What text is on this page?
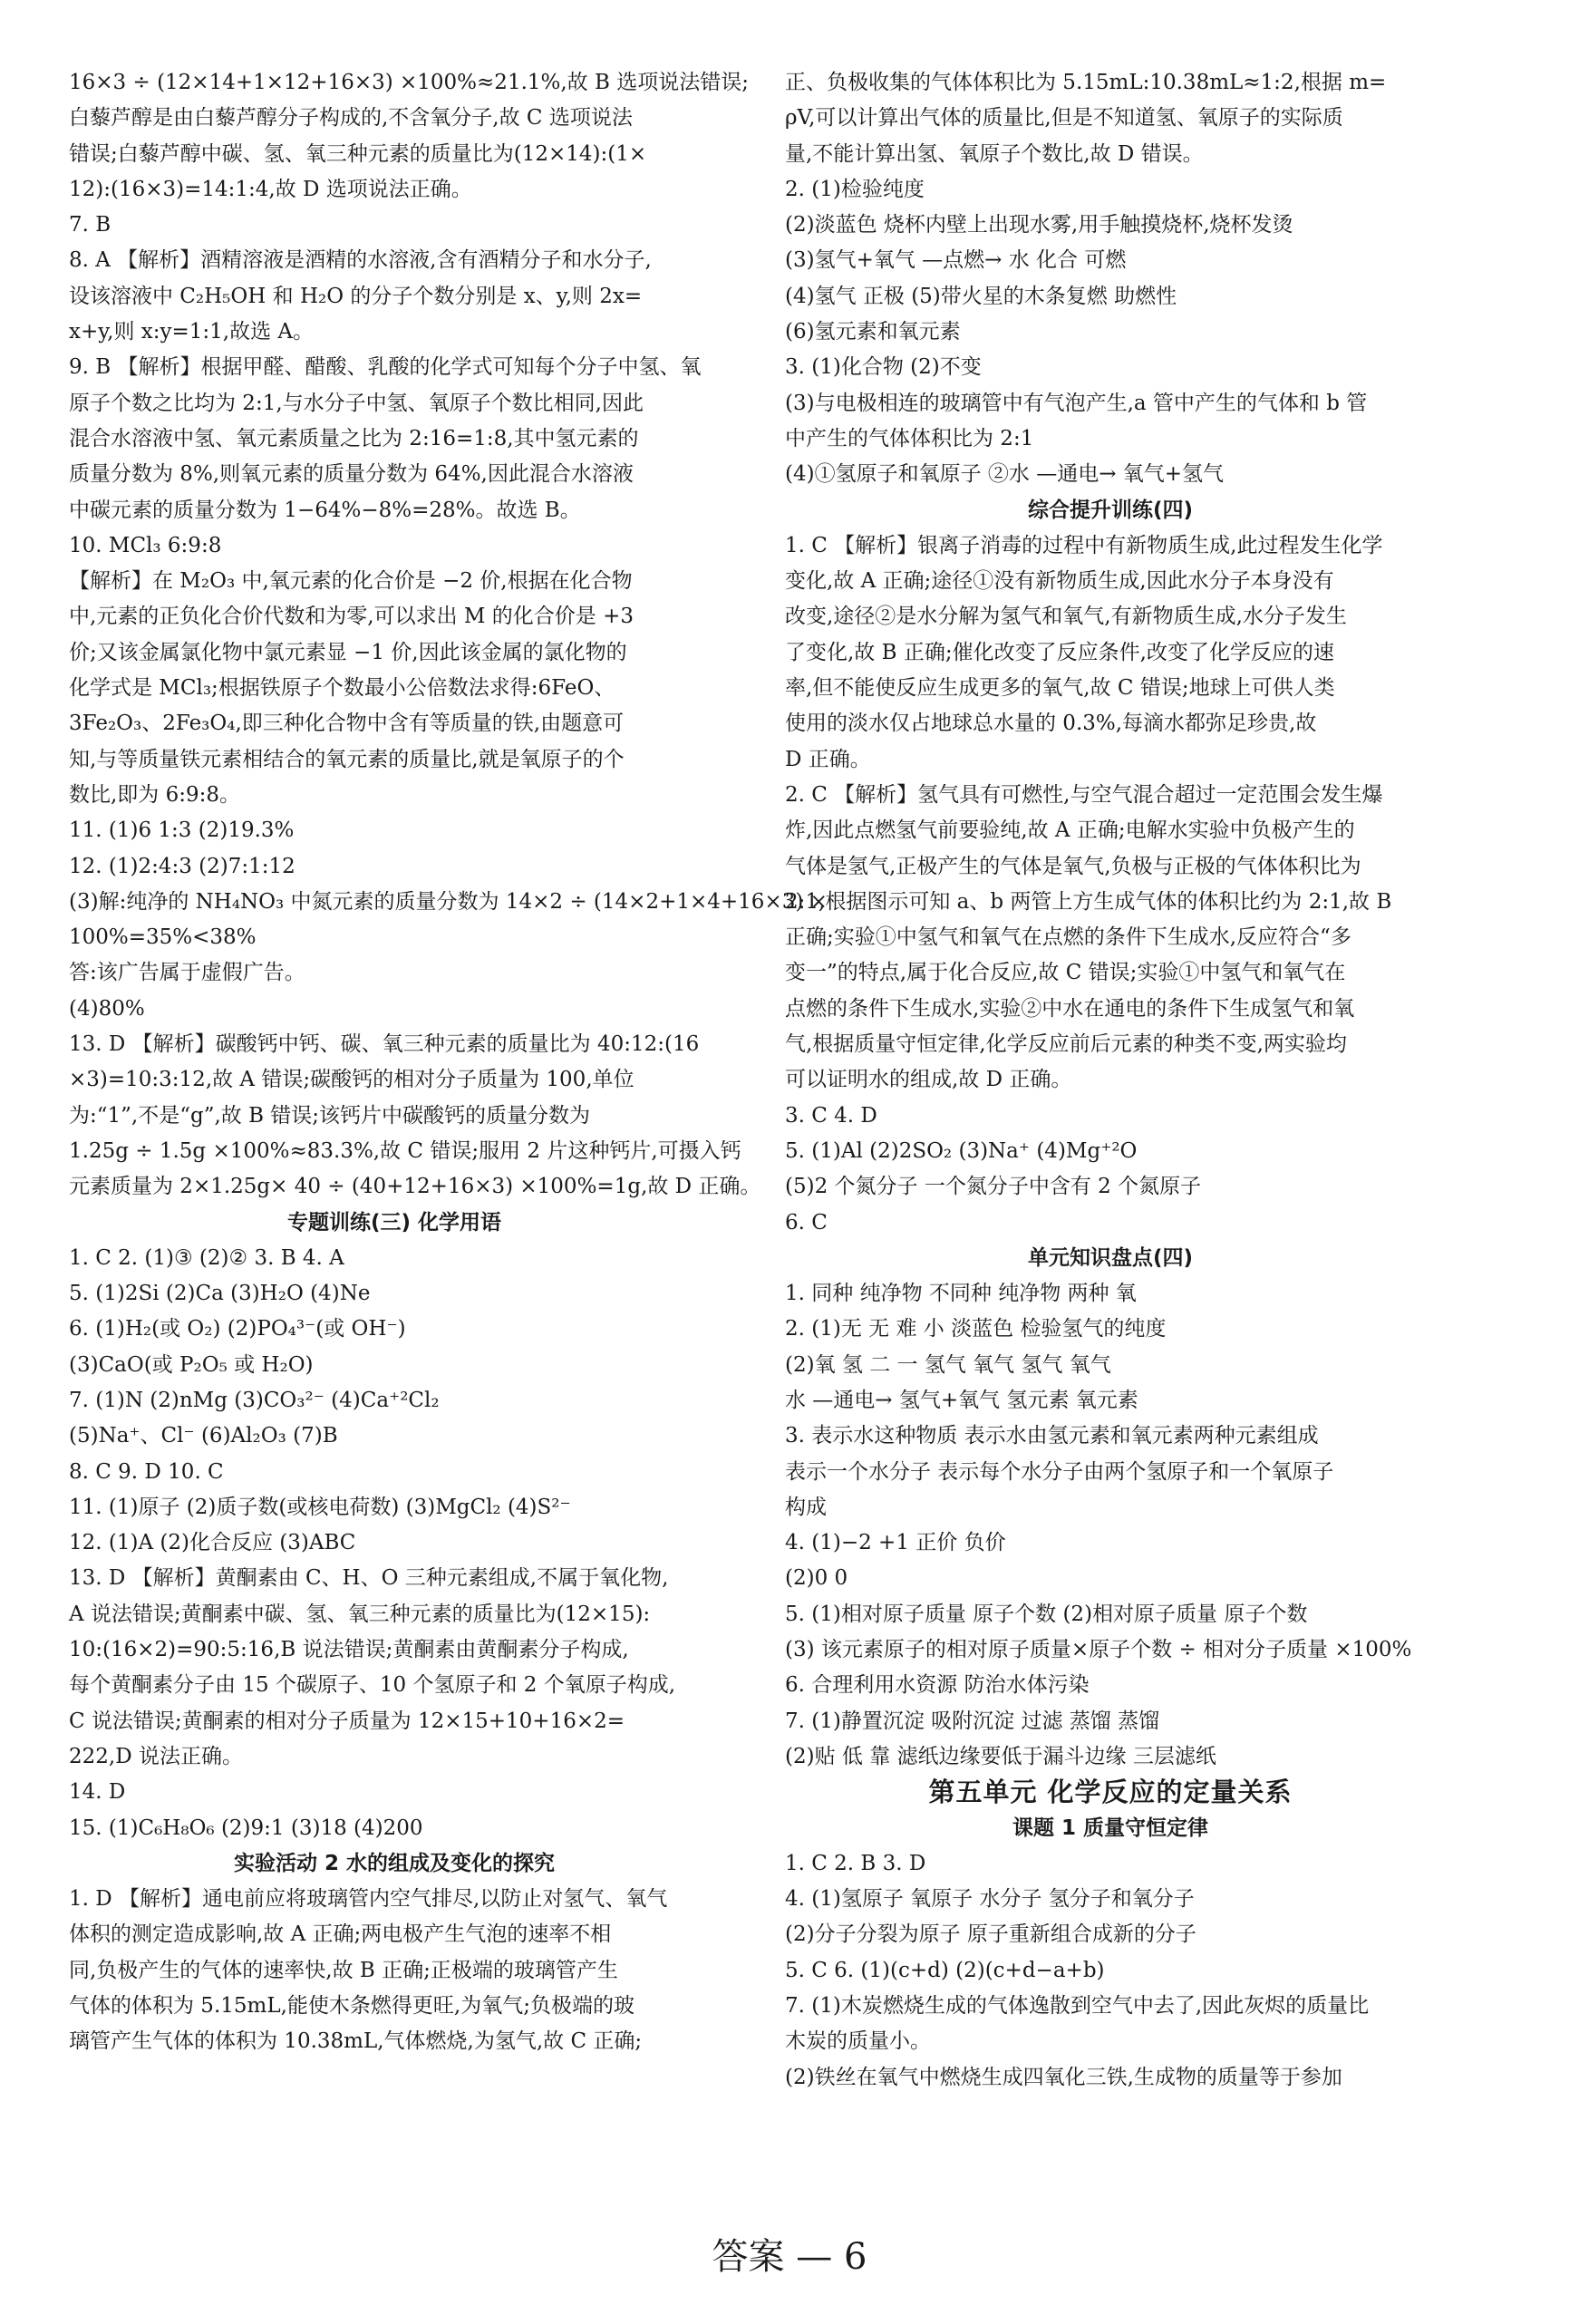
16×3 ÷ (12×14+1×12+16×3) ×100%≈21.1%,故 B 选项说法错误;
白藜芦醇是由白藜芦醇分子构成的,不含氧分子,故 C 选项说法
错误;白藜芦醇中碳、氢、氧三种元素的质量比为(12×14):(1×
12):(16×3)=14:1:4,故 D 选项说法正确。
7. B
8. A 【解析】酒精溶液是酒精的水溶液,含有酒精分子和水分子,
设该溶液中 C₂H₅OH 和 H₂O 的分子个数分别是 x、y,则 2x=
x+y,则 x:y=1:1,故选 A。
9. B 【解析】根据甲醛、醋酸、乳酸的化学式可知每个分子中氢、氧
原子个数之比均为 2:1,与水分子中氢、氧原子个数比相同,因此
混合水溶液中氢、氧元素质量之比为 2:16=1:8,其中氢元素的
质量分数为 8%,则氧元素的质量分数为 64%,因此混合水溶液
中碳元素的质量分数为 1−64%−8%=28%。故选 B。
10. MCl₃ 6:9:8
【解析】在 M₂O₃ 中,氧元素的化合价是 −2 价,根据在化合物
中,元素的正负化合价代数和为零,可以求出 M 的化合价是 +3
价;又该金属氯化物中氯元素显 −1 价,因此该金属的氯化物的
化学式是 MCl₃;根据铁原子个数最小公倍数法求得:6FeO、
3Fe₂O₃、2Fe₃O₄,即三种化合物中含有等质量的铁,由题意可
知,与等质量铁元素相结合的氧元素的质量比,就是氧原子的个
数比,即为 6:9:8。
11. (1)6 1:3 (2)19.3%
12. (1)2:4:3 (2)7:1:12
(3)解:纯净的 NH₄NO₃ 中氮元素的质量分数为 14×2 ÷ (14×2+1×4+16×3) ×
100%=35%<38%
答:该广告属于虚假广告。
(4)80%
13. D 【解析】碳酸钙中钙、碳、氧三种元素的质量比为 40:12:(16
×3)=10:3:12,故 A 错误;碳酸钙的相对分子质量为 100,单位
为:“1”,不是“g”,故 B 错误;该钙片中碳酸钙的质量分数为
1.25g ÷ 1.5g ×100%≈83.3%,故 C 错误;服用 2 片这种钙片,可摄入钙
元素质量为 2×1.25g× 40 ÷ (40+12+16×3) ×100%=1g,故 D 正确。
专题训练(三) 化学用语
1. C 2. (1)③ (2)② 3. B 4. A
5. (1)2Si (2)Ca (3)H₂O (4)Ne
6. (1)H₂(或 O₂) (2)PO₄³⁻(或 OH⁻)
(3)CaO(或 P₂O₅ 或 H₂O)
7. (1)N (2)nMg (3)CO₃²⁻ (4)Ca⁺²Cl₂
(5)Na⁺、Cl⁻ (6)Al₂O₃ (7)B
8. C 9. D 10. C
11. (1)原子 (2)质子数(或核电荷数) (3)MgCl₂ (4)S²⁻
12. (1)A (2)化合反应 (3)ABC
13. D 【解析】黄酮素由 C、H、O 三种元素组成,不属于氧化物,
A 说法错误;黄酮素中碳、氢、氧三种元素的质量比为(12×15):
10:(16×2)=90:5:16,B 说法错误;黄酮素由黄酮素分子构成,
每个黄酮素分子由 15 个碳原子、10 个氢原子和 2 个氧原子构成,
C 说法错误;黄酮素的相对分子质量为 12×15+10+16×2=
222,D 说法正确。
14. D
15. (1)C₆H₈O₆ (2)9:1 (3)18 (4)200
实验活动 2 水的组成及变化的探究
1. D 【解析】通电前应将玻璃管内空气排尽,以防止对氢气、氧气
体积的测定造成影响,故 A 正确;两电极产生气泡的速率不相
同,负极产生的气体的速率快,故 B 正确;正极端的玻璃管产生
气体的体积为 5.15mL,能使木条燃得更旺,为氧气;负极端的玻
璃管产生气体的体积为 10.38mL,气体燃烧,为氢气,故 C 正确;
正、负极收集的气体体积比为 5.15mL:10.38mL≈1:2,根据 m=
ρV,可以计算出气体的质量比,但是不知道氢、氧原子的实际质
量,不能计算出氢、氧原子个数比,故 D 错误。
2. (1)检验纯度
(2)淡蓝色 烧杯内壁上出现水雾,用手触摸烧杯,烧杯发烫
(3)氢气+氧气 —点燃→ 水 化合 可燃
(4)氢气 正极 (5)带火星的木条复燃 助燃性
(6)氢元素和氧元素
3. (1)化合物 (2)不变
(3)与电极相连的玻璃管中有气泡产生,a 管中产生的气体和 b 管
中产生的气体体积比为 2:1
(4)①氢原子和氧原子 ②水 —通电→ 氧气+氢气
综合提升训练(四)
1. C 【解析】银离子消毒的过程中有新物质生成,此过程发生化学
变化,故 A 正确;途径①没有新物质生成,因此水分子本身没有
改变,途径②是水分解为氢气和氧气,有新物质生成,水分子发生
了变化,故 B 正确;催化改变了反应条件,改变了化学反应的速
率,但不能使反应生成更多的氧气,故 C 错误;地球上可供人类
使用的淡水仅占地球总水量的 0.3%,每滴水都弥足珍贵,故
D 正确。
2. C 【解析】氢气具有可燃性,与空气混合超过一定范围会发生爆
炸,因此点燃氢气前要验纯,故 A 正确;电解水实验中负极产生的
气体是氢气,正极产生的气体是氧气,负极与正极的气体体积比为
2:1,根据图示可知 a、b 两管上方生成气体的体积比约为 2:1,故 B
正确;实验①中氢气和氧气在点燃的条件下生成水,反应符合“多
变一”的特点,属于化合反应,故 C 错误;实验①中氢气和氧气在
点燃的条件下生成水,实验②中水在通电的条件下生成氢气和氧
气,根据质量守恒定律,化学反应前后元素的种类不变,两实验均
可以证明水的组成,故 D 正确。
3. C 4. D
5. (1)Al (2)2SO₂ (3)Na⁺ (4)Mg⁺²O
(5)2 个氮分子 一个氮分子中含有 2 个氮原子
6. C
单元知识盘点(四)
1. 同种 纯净物 不同种 纯净物 两种 氧
2. (1)无 无 难 小 淡蓝色 检验氢气的纯度
(2)氧 氢 二 一 氢气 氧气 氢气 氧气
水 —通电→ 氢气+氧气 氢元素 氧元素
3. 表示水这种物质 表示水由氢元素和氧元素两种元素组成
表示一个水分子 表示每个水分子由两个氢原子和一个氧原子
构成
4. (1)−2 +1 正价 负价
(2)0 0
5. (1)相对原子质量 原子个数 (2)相对原子质量 原子个数
(3) 该元素原子的相对原子质量×原子个数 ÷ 相对分子质量 ×100%
6. 合理利用水资源 防治水体污染
7. (1)静置沉淀 吸附沉淀 过滤 蒸馏 蒸馏
(2)贴 低 靠 滤纸边缘要低于漏斗边缘 三层滤纸
第五单元 化学反应的定量关系
课题 1 质量守恒定律
1. C 2. B 3. D
4. (1)氢原子 氧原子 水分子 氢分子和氧分子
(2)分子分裂为原子 原子重新组合成新的分子
5. C 6. (1)(c+d) (2)(c+d−a+b)
7. (1)木炭燃烧生成的气体逸散到空气中去了,因此灰烬的质量比
木炭的质量小。
(2)铁丝在氧气中燃烧生成四氧化三铁,生成物的质量等于参加
答案 — 6
